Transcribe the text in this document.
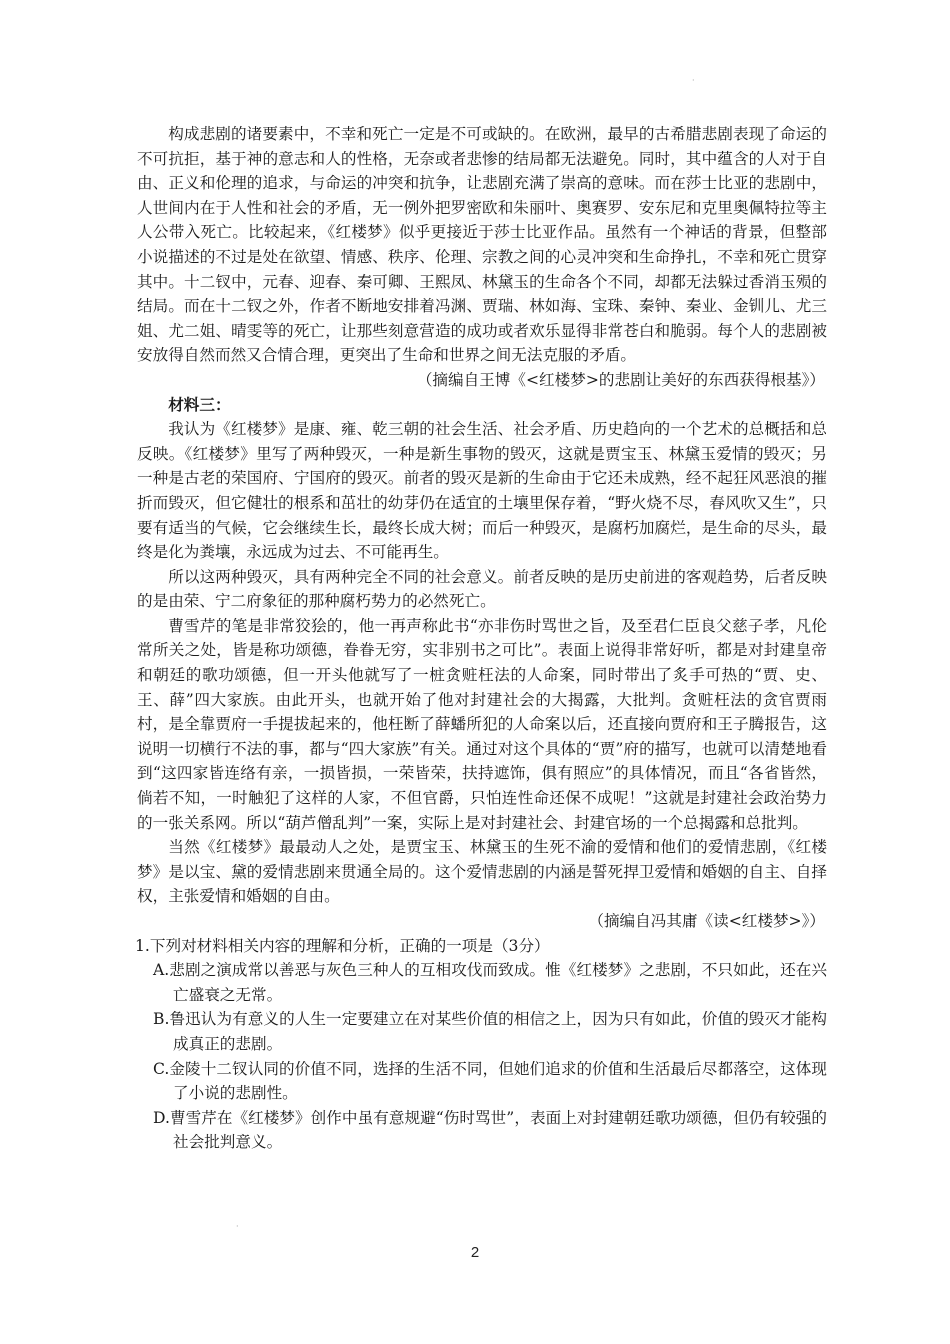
·
·

构成悲剧的诸要素中，不幸和死亡一定是不可或缺的。在欧洲，最早的古希腊悲剧表现了命运的不可抗拒，基于神的意志和人的性格，无奈或者悲惨的结局都无法避免。同时，其中蕴含的人对于自由、正义和伦理的追求，与命运的冲突和抗争，让悲剧充满了崇高的意味。而在莎士比亚的悲剧中，人世间内在于人性和社会的矛盾，无一例外把罗密欧和朱丽叶、奥赛罗、安东尼和克里奥佩特拉等主人公带入死亡。比较起来，《红楼梦》似乎更接近于莎士比亚作品。虽然有一个神话的背景，但整部小说描述的不过是处在欲望、情感、秩序、伦理、宗教之间的心灵冲突和生命挣扎，不幸和死亡贯穿其中。十二钗中，元春、迎春、秦可卿、王熙凤、林黛玉的生命各个不同，却都无法躲过香消玉殒的结局。而在十二钗之外，作者不断地安排着冯渊、贾瑞、林如海、宝珠、秦钟、秦业、金钏儿、尤三姐、尤二姐、晴雯等的死亡，让那些刻意营造的成功或者欢乐显得非常苍白和脆弱。每个人的悲剧被安放得自然而然又合情合理，更突出了生命和世界之间无法克服的矛盾。

（摘编自王博《<红楼梦>的悲剧让美好的东西获得根基》）

材料三：

我认为《红楼梦》是康、雍、乾三朝的社会生活、社会矛盾、历史趋向的一个艺术的总概括和总反映。《红楼梦》里写了两种毁灭，一种是新生事物的毁灭，这就是贾宝玉、林黛玉爱情的毁灭；另一种是古老的荣国府、宁国府的毁灭。前者的毁灭是新的生命由于它还未成熟，经不起狂风恶浪的摧折而毁灭，但它健壮的根系和茁壮的幼芽仍在适宜的土壤里保存着，“野火烧不尽，春风吹又生”，只要有适当的气候，它会继续生长，最终长成大树；而后一种毁灭，是腐朽加腐烂，是生命的尽头，最终是化为粪壤，永远成为过去、不可能再生。

所以这两种毁灭，具有两种完全不同的社会意义。前者反映的是历史前进的客观趋势，后者反映的是由荣、宁二府象征的那种腐朽势力的必然死亡。

曹雪芹的笔是非常狡狯的，他一再声称此书“亦非伤时骂世之旨，及至君仁臣良父慈子孝，凡伦常所关之处，皆是称功颂德，眷眷无穷，实非别书之可比”。表面上说得非常好听，都是对封建皇帝和朝廷的歌功颂德，但一开头他就写了一桩贪赃枉法的人命案，同时带出了炙手可热的“贾、史、王、薛”四大家族。由此开头，也就开始了他对封建社会的大揭露，大批判。贪赃枉法的贪官贾雨村，是全靠贾府一手提拔起来的，他枉断了薛蟠所犯的人命案以后，还直接向贾府和王子腾报告，这说明一切横行不法的事，都与“四大家族”有关。通过对这个具体的“贾”府的描写，也就可以清楚地看到“这四家皆连络有亲，一损皆损，一荣皆荣，扶持遮饰，俱有照应”的具体情况，而且“各省皆然，倘若不知，一时触犯了这样的人家，不但官爵，只怕连性命还保不成呢！”这就是封建社会政治势力的一张关系网。所以“葫芦僧乱判”一案，实际上是对封建社会、封建官场的一个总揭露和总批判。

当然《红楼梦》最最动人之处，是贾宝玉、林黛玉的生死不渝的爱情和他们的爱情悲剧，《红楼梦》是以宝、黛的爱情悲剧来贯通全局的。这个爱情悲剧的内涵是誓死捍卫爱情和婚姻的自主、自择权，主张爱情和婚姻的自由。

（摘编自冯其庸《读<红楼梦>》）

1.下列对材料相关内容的理解和分析，正确的一项是（3分）

A.悲剧之演成常以善恶与灰色三种人的互相攻伐而致成。惟《红楼梦》之悲剧，不只如此，还在兴亡盛衰之无常。

B.鲁迅认为有意义的人生一定要建立在对某些价值的相信之上，因为只有如此，价值的毁灭才能构成真正的悲剧。

C.金陵十二钗认同的价值不同，选择的生活不同，但她们追求的价值和生活最后尽都落空，这体现了小说的悲剧性。

D.曹雪芹在《红楼梦》创作中虽有意规避“伤时骂世”，表面上对封建朝廷歌功颂德，但仍有较强的社会批判意义。

2
